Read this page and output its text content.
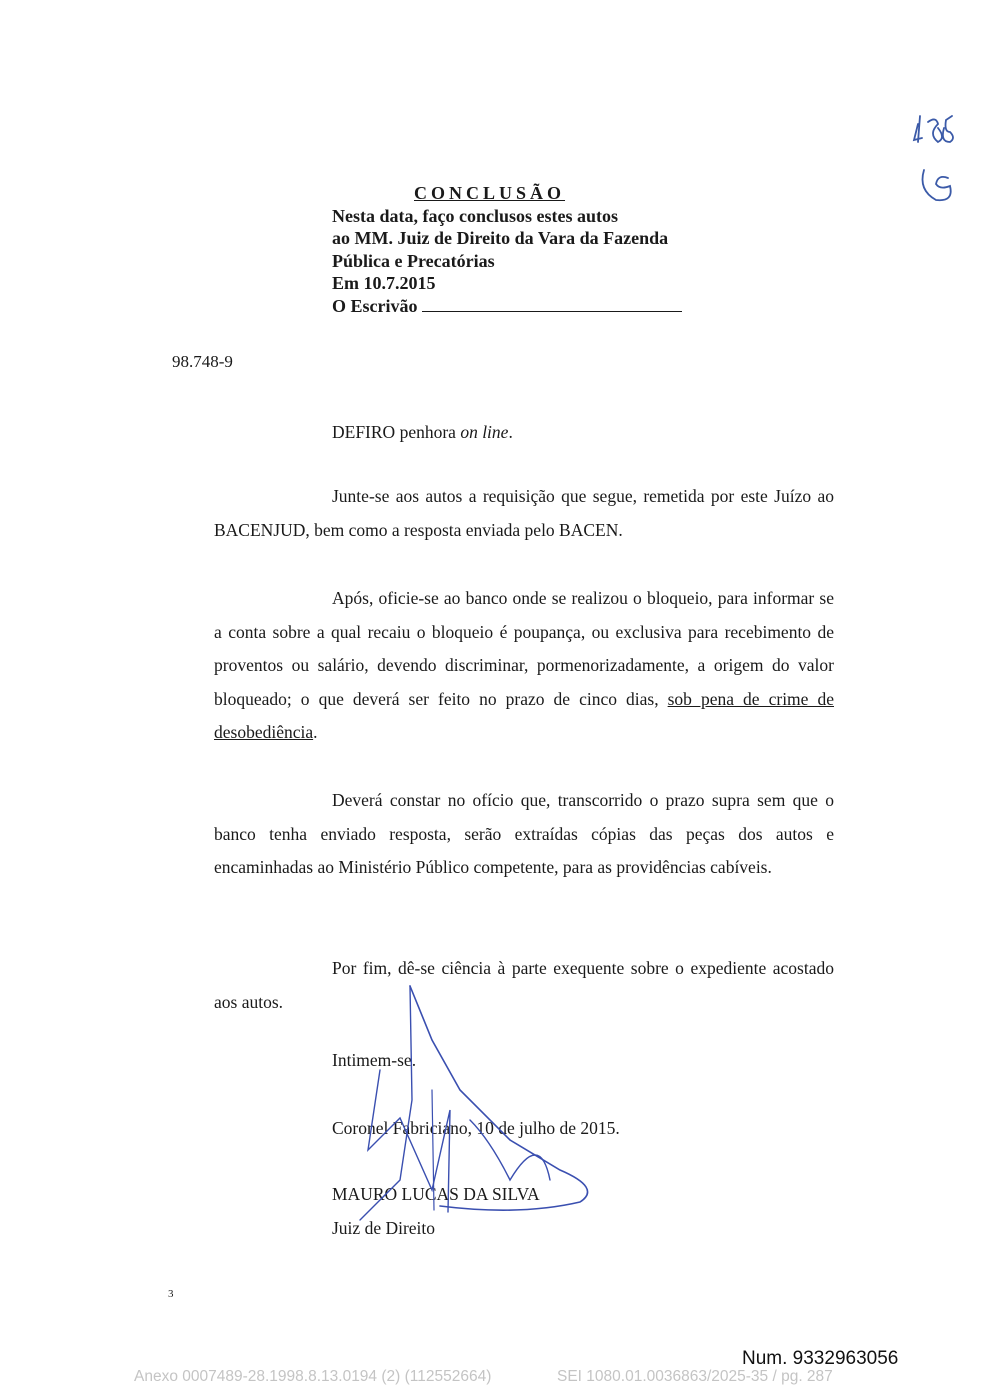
CONCLUSÃO
Nesta data, faço conclusos estes autos
ao MM. Juiz de Direito da Vara da Fazenda
Pública e Precatórias
Em 10.7.2015
O Escrivão
98.748-9
DEFIRO penhora on line.

Junte-se aos autos a requisição que segue, remetida por este Juízo ao BACENJUD, bem como a resposta enviada pelo BACEN.

Após, oficie-se ao banco onde se realizou o bloqueio, para informar se a conta sobre a qual recaiu o bloqueio é poupança, ou exclusiva para recebimento de proventos ou salário, devendo discriminar, pormenorizadamente, a origem do valor bloqueado; o que deverá ser feito no prazo de cinco dias, sob pena de crime de desobediência.

Deverá constar no ofício que, transcorrido o prazo supra sem que o banco tenha enviado resposta, serão extraídas cópias das peças dos autos e encaminhadas ao Ministério Público competente, para as providências cabíveis.

Por fim, dê-se ciência à parte exequente sobre o expediente acostado aos autos.

Intimem-se.
Coronel Fabriciano, 10 de julho de 2015.
MAURO LUCAS DA SILVA
Juiz de Direito
3
Num. 9332963056
Anexo 0007489-28.1998.8.13.0194 (2) (112552664)	SEI 1080.01.0036863/2025-35 / pg. 287
